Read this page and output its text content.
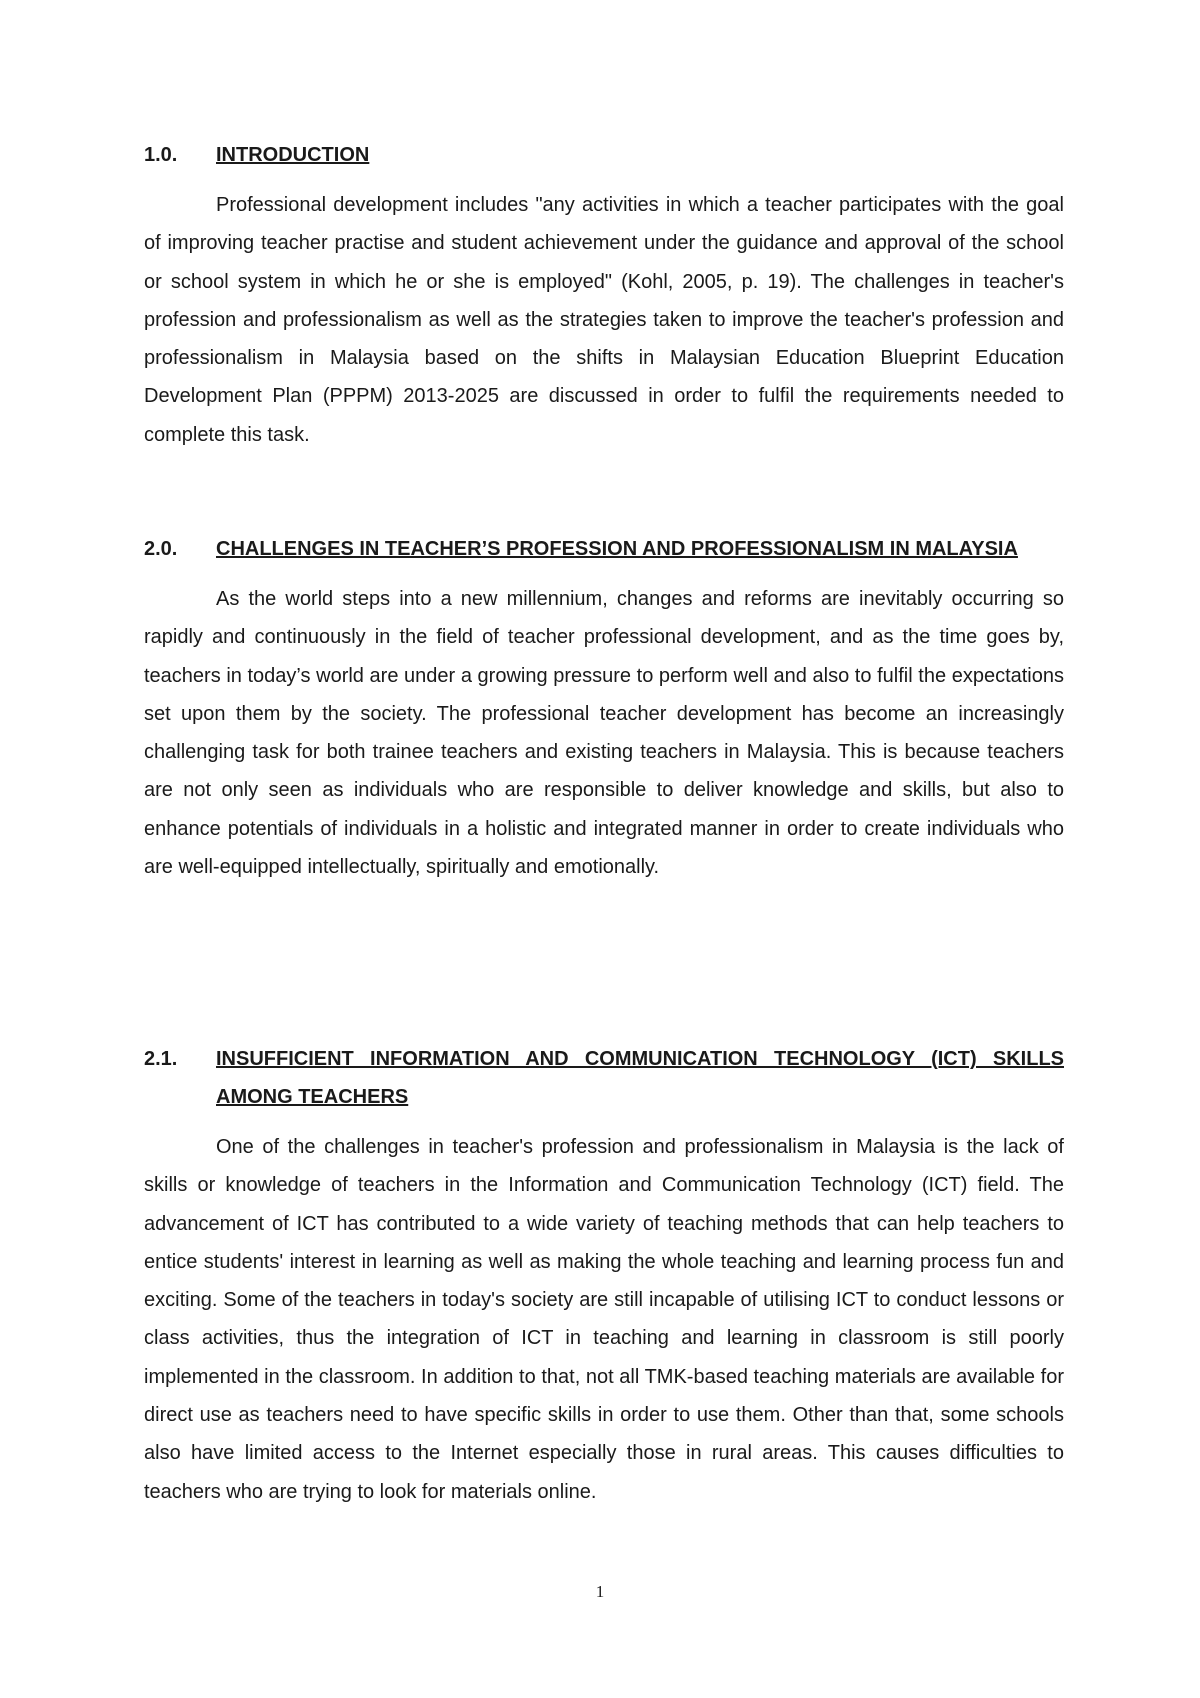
1.0.	INTRODUCTION

Professional development includes "any activities in which a teacher participates with the goal of improving teacher practise and student achievement under the guidance and approval of the school or school system in which he or she is employed" (Kohl, 2005, p. 19). The challenges in teacher's profession and professionalism as well as the strategies taken to improve the teacher's profession and professionalism in Malaysia based on the shifts in Malaysian Education Blueprint Education Development Plan (PPPM) 2013-2025 are discussed in order to fulfil the requirements needed to complete this task.

2.0.	CHALLENGES IN TEACHER’S PROFESSION AND PROFESSIONALISM IN MALAYSIA

As the world steps into a new millennium, changes and reforms are inevitably occurring so rapidly and continuously in the field of teacher professional development, and as the time goes by, teachers in today’s world are under a growing pressure to perform well and also to fulfil the expectations set upon them by the society. The professional teacher development has become an increasingly challenging task for both trainee teachers and existing teachers in Malaysia. This is because teachers are not only seen as individuals who are responsible to deliver knowledge and skills, but also to enhance potentials of individuals in a holistic and integrated manner in order to create individuals who are well-equipped intellectually, spiritually and emotionally.

2.1.	INSUFFICIENT INFORMATION AND COMMUNICATION TECHNOLOGY (ICT) SKILLS AMONG TEACHERS

One of the challenges in teacher's profession and professionalism in Malaysia is the lack of skills or knowledge of teachers in the Information and Communication Technology (ICT) field. The advancement of ICT has contributed to a wide variety of teaching methods that can help teachers to entice students' interest in learning as well as making the whole teaching and learning process fun and exciting. Some of the teachers in today's society are still incapable of utilising ICT to conduct lessons or class activities, thus the integration of ICT in teaching and learning in classroom is still poorly implemented in the classroom. In addition to that, not all TMK-based teaching materials are available for direct use as teachers need to have specific skills in order to use them. Other than that, some schools also have limited access to the Internet especially those in rural areas. This causes difficulties to teachers who are trying to look for materials online.

1
